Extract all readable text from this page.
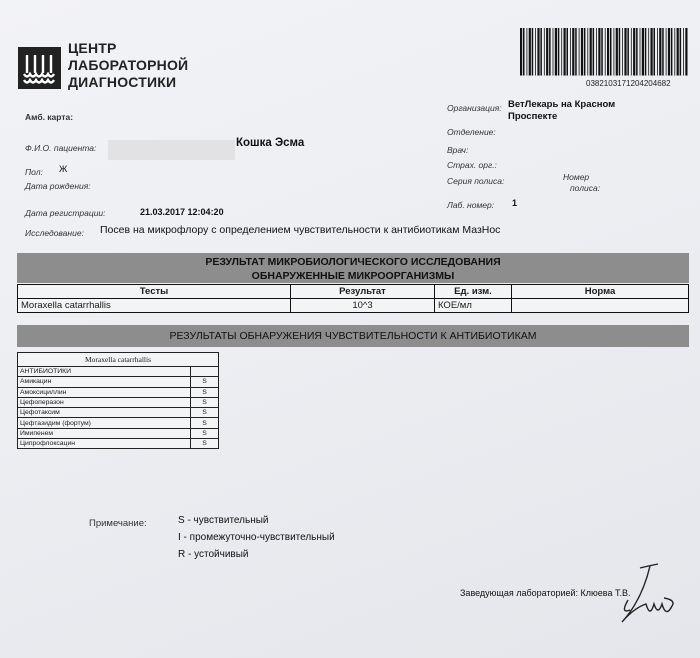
ЦЕНТР
ЛАБОРАТОРНОЙ
ДИАГНОСТИКИ	0382103171204204682
Амб. карта:
Ф.И.О. пациента:	Кошка Эсма
Пол: Ж
Дата рождения:
Дата регистрации:	21.03.2017 12:04:20
Исследование: Посев на микрофлору с определением чувствительности к антибиотикам МазНос
Организация: ВетЛекарь на Красном
Проспекте
Отделение:
Врач:
Страх. орг.:
Серия полиса:	Номер
полиса:
Лаб. номер: 1
РЕЗУЛЬТАТ МИКРОБИОЛОГИЧЕСКОГО ИССЛЕДОВАНИЯ
ОБНАРУЖЕННЫЕ МИКРООРГАНИЗМЫ
Тесты	Результат	Ед. изм.	Норма
Moraxella catarrhallis	10^3	КОЕ/мл	
РЕЗУЛЬТАТЫ ОБНАРУЖЕНИЯ ЧУВСТВИТЕЛЬНОСТИ К АНТИБИОТИКАМ
Moraxella catarrhallis	
АНТИБИОТИКИ	
Амикацин	S
Амоксициллин	S
Цефоперазон	S
Цефотаксим	S
Цефтазидим (фортум)	S
Имипенем	S
Ципрофлоксацин	S
Примечание:	S - чувствительный
I - промежуточно-чувствительный
R - устойчивый
Заведующая лабораторией: Клюева Т.В.
